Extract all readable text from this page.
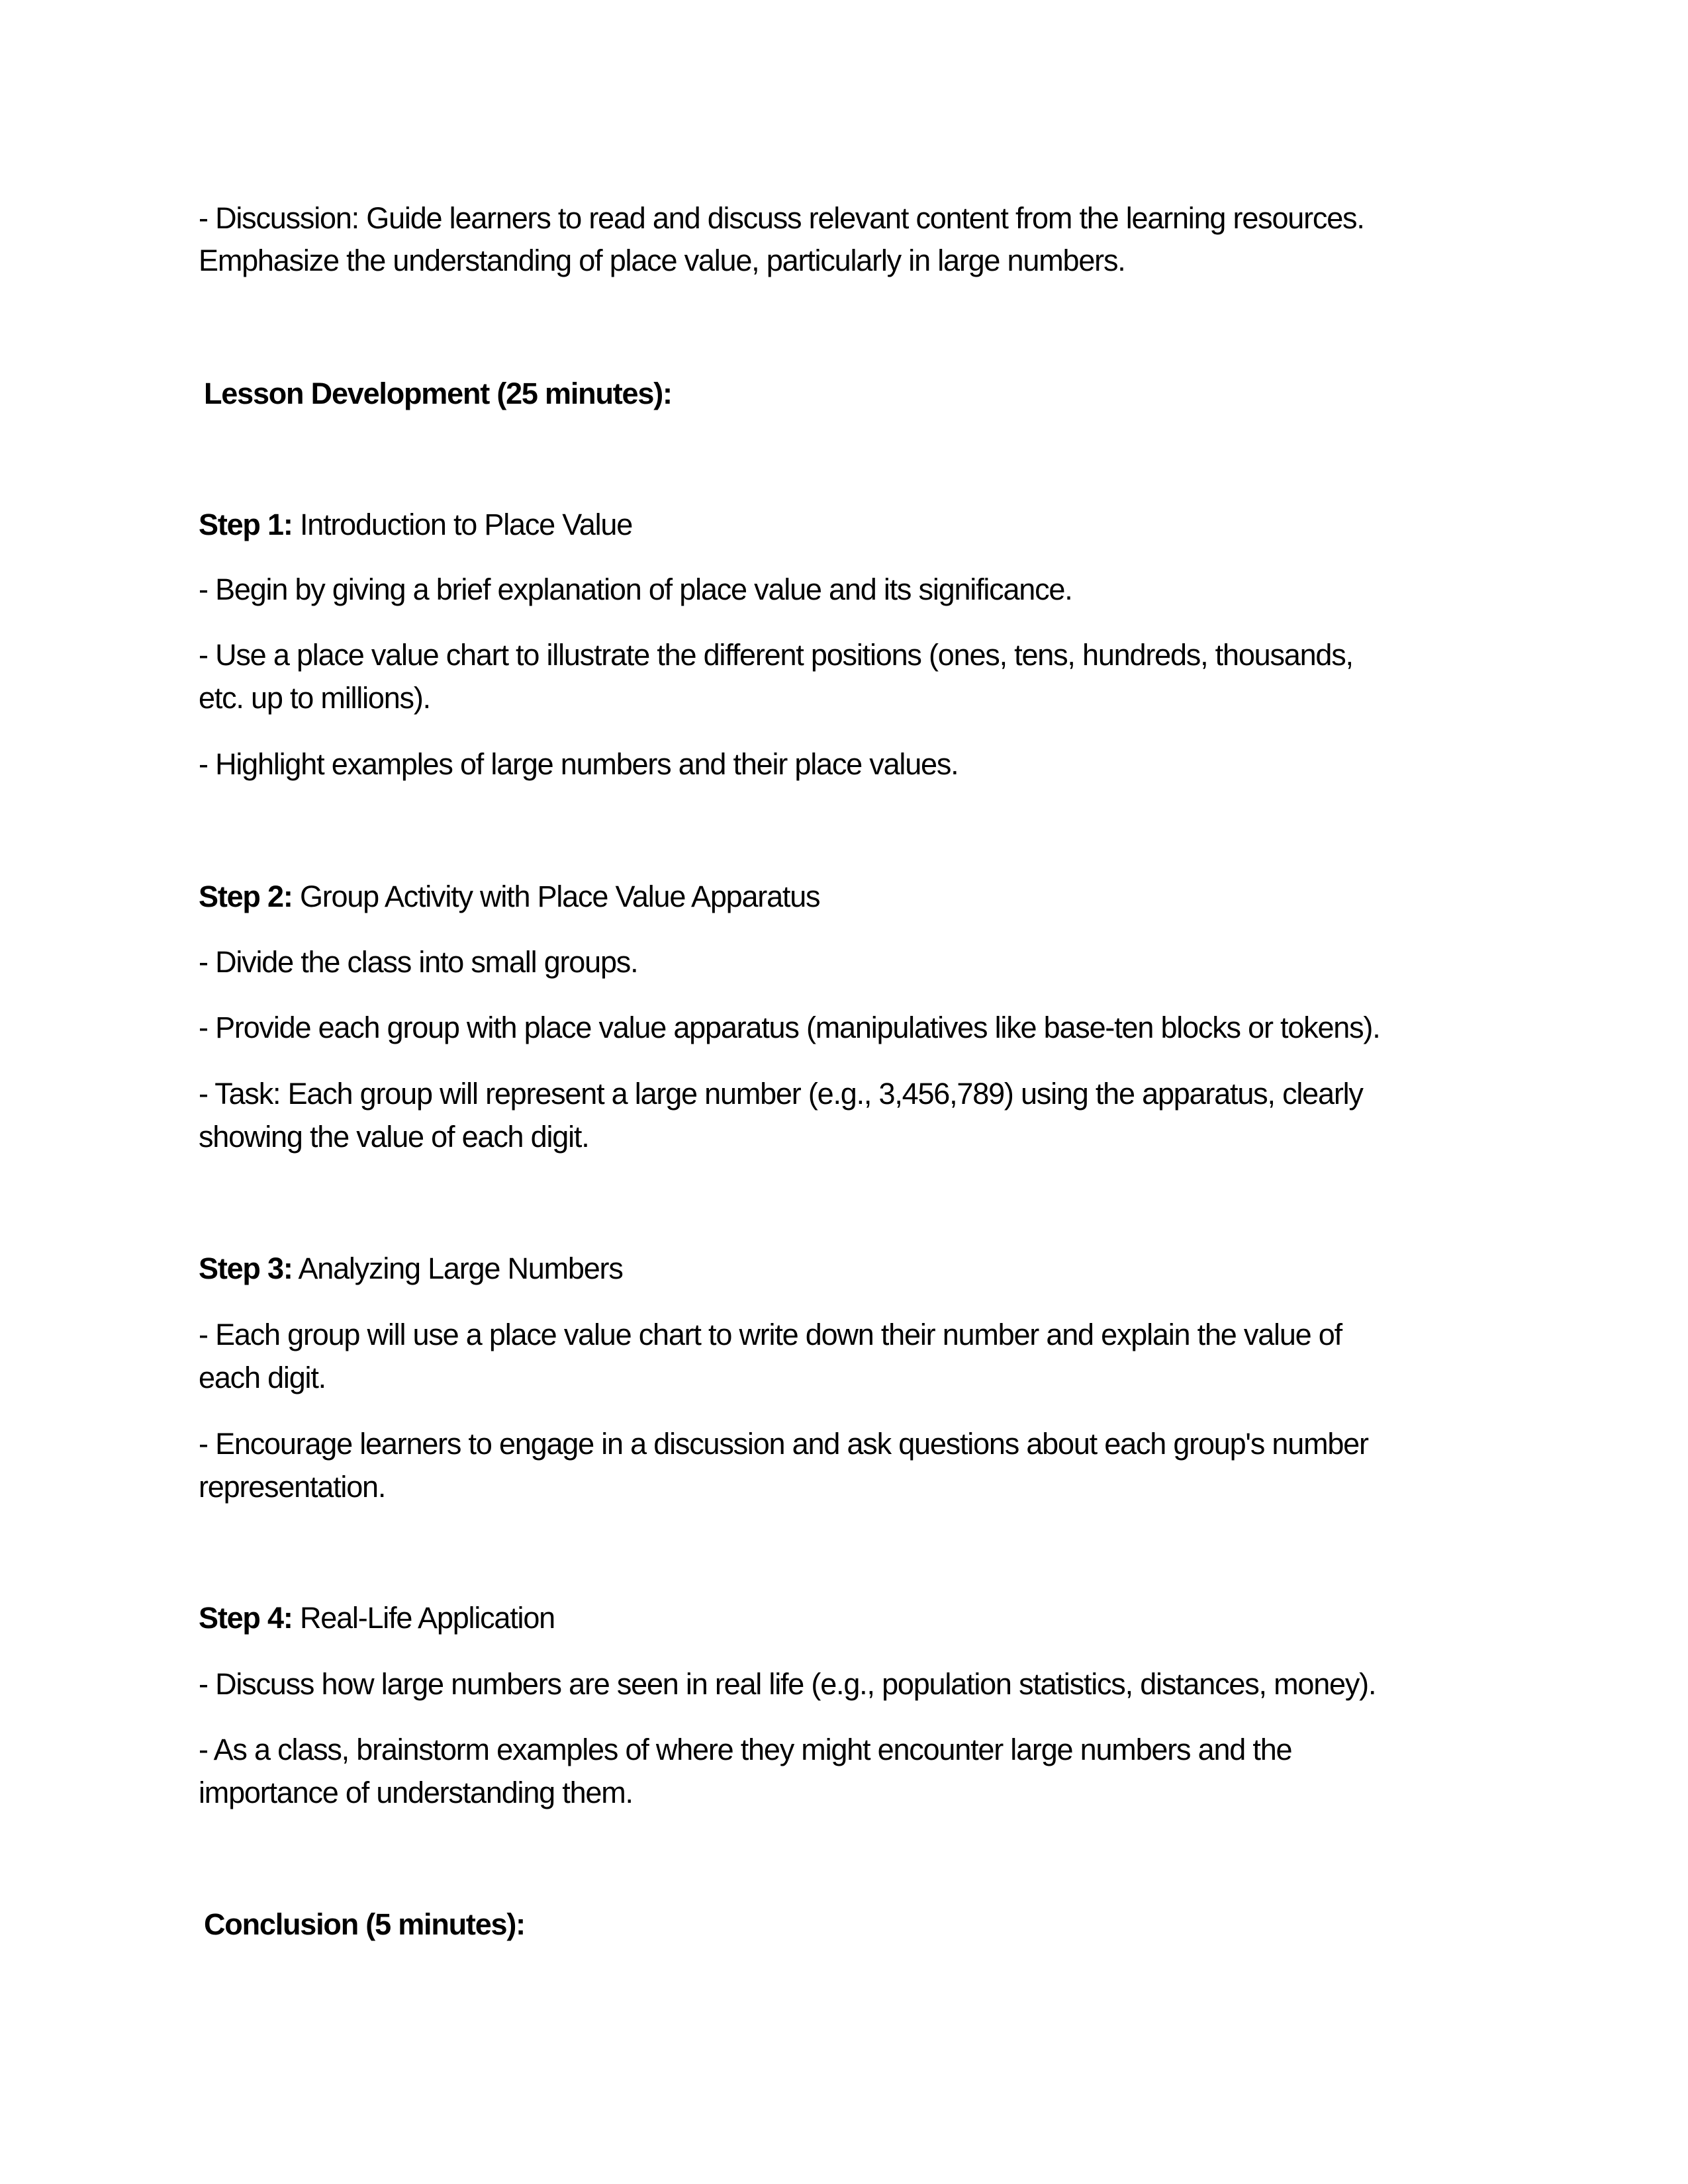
- Discussion: Guide learners to read and discuss relevant content from the learning resources.
Emphasize the understanding of place value, particularly in large numbers.
Lesson Development (25 minutes):
Step 1: Introduction to Place Value
- Begin by giving a brief explanation of place value and its significance.
- Use a place value chart to illustrate the different positions (ones, tens, hundreds, thousands,
etc. up to millions).
- Highlight examples of large numbers and their place values.
Step 2: Group Activity with Place Value Apparatus
- Divide the class into small groups.
- Provide each group with place value apparatus (manipulatives like base-ten blocks or tokens).
- Task: Each group will represent a large number (e.g., 3,456,789) using the apparatus, clearly
showing the value of each digit.
Step 3: Analyzing Large Numbers
- Each group will use a place value chart to write down their number and explain the value of
each digit.
- Encourage learners to engage in a discussion and ask questions about each group's number
representation.
Step 4: Real-Life Application
- Discuss how large numbers are seen in real life (e.g., population statistics, distances, money).
- As a class, brainstorm examples of where they might encounter large numbers and the
importance of understanding them.
Conclusion (5 minutes):
